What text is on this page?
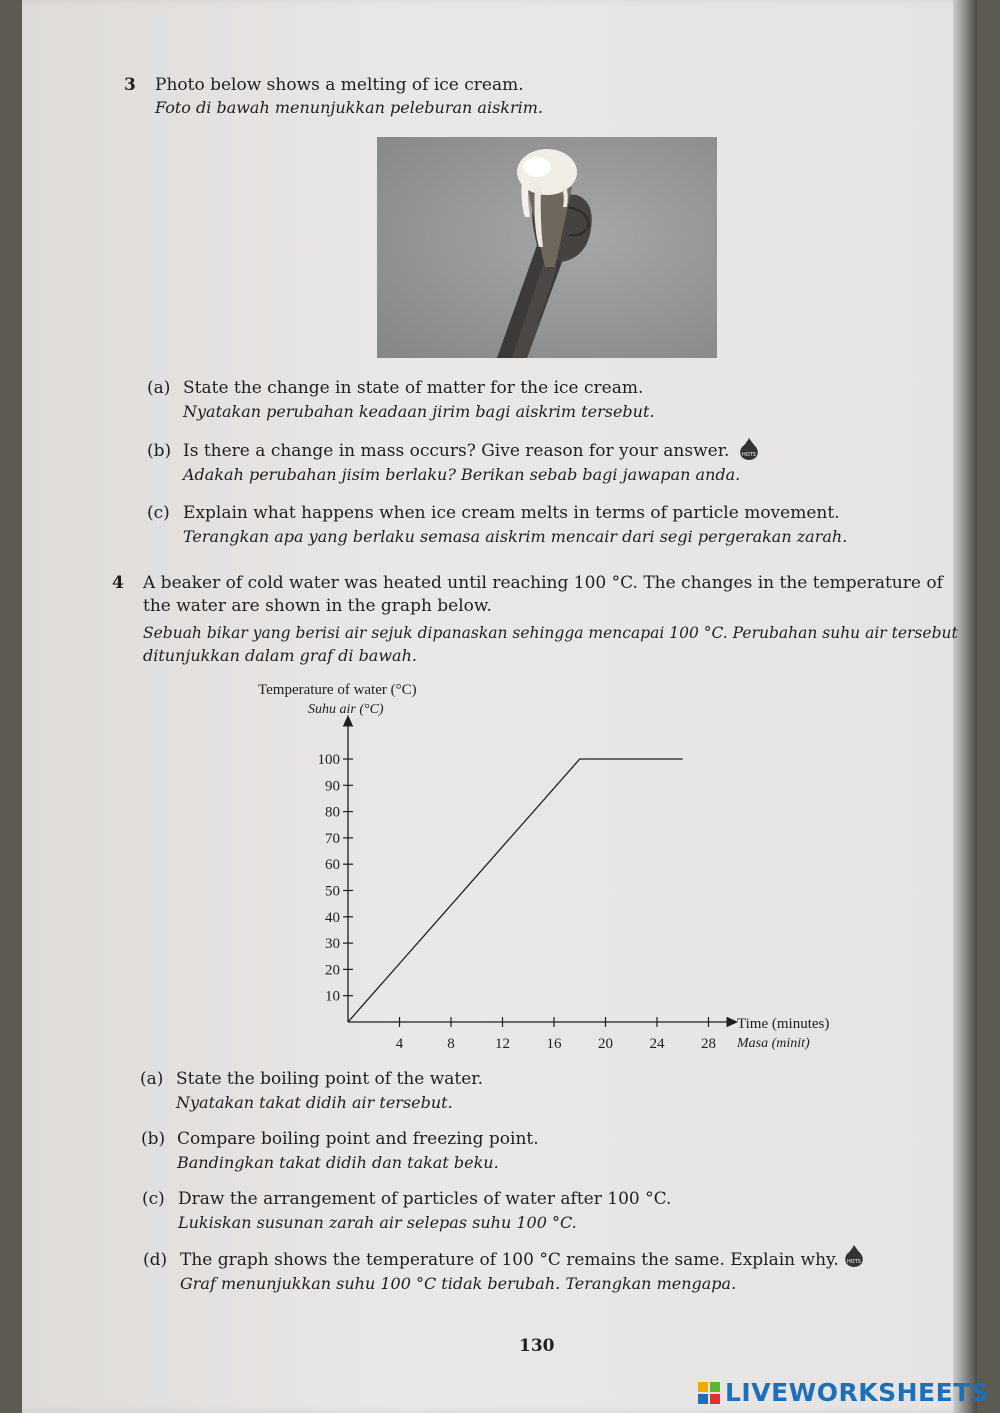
3 Photo below shows a melting of ice cream.
Foto di bawah menunjukkan peleburan aiskrim.
(a) State the change in state of matter for the ice cream.
Nyatakan perubahan keadaan jirim bagi aiskrim tersebut.
(b) Is there a change in mass occurs? Give reason for your answer.
Adakah perubahan jisim berlaku? Berikan sebab bagi jawapan anda.
HOTS
(c) Explain what happens when ice cream melts in terms of particle movement.
Terangkan apa yang berlaku semasa aiskrim mencair dari segi pergerakan zarah.
4 A beaker of cold water was heated until reaching 100 °C. The changes in the temperature of
the water are shown in the graph below.
Sebuah bikar yang berisi air sejuk dipanaskan sehingga mencapai 100 °C. Perubahan suhu air tersebut
ditunjukkan dalam graf di bawah.
Temperature of water (°C)
Suhu air (°C)
4	8	12 16 20 24 28
10
20
30
40
50
60
70
80
90
100
Time (minutes)
Masa (minit)
(a) State the boiling point of the water.
Nyatakan takat didih air tersebut.
(b) Compare boiling point and freezing point.
Bandingkan takat didih dan takat beku.
(c) Draw the arrangement of particles of water after 100 °C.
Lukiskan susunan zarah air selepas suhu 100 °C.
(d) The graph shows the temperature of 100 °C remains the same. Explain why.
Graf menunjukkan suhu 100 °C tidak berubah. Terangkan mengapa.
HOTS
130
LIVEWORKSHEETS
